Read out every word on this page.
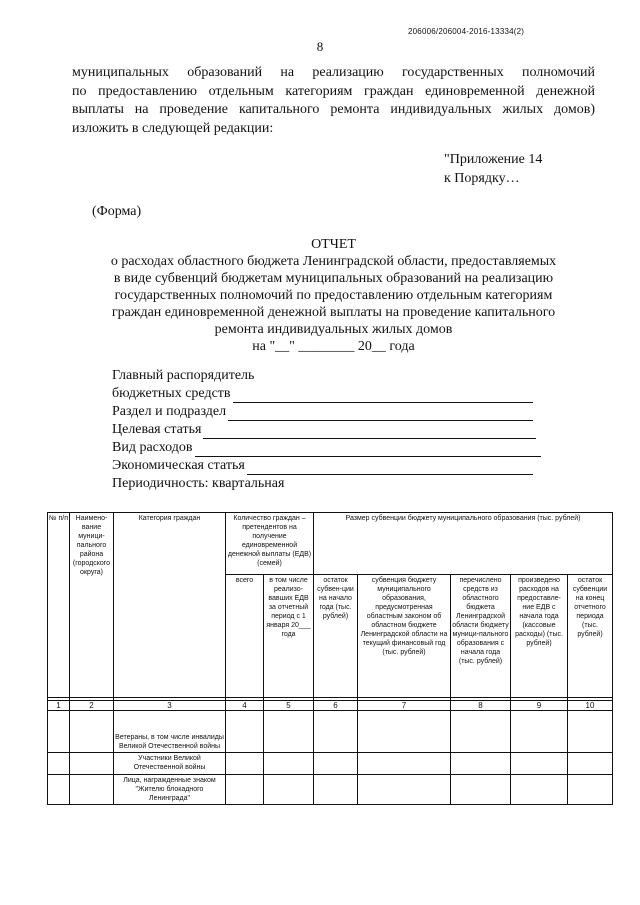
206006/206004-2016-13334(2)
8
муниципальных образований на реализацию государственных полномочий
по предоставлению отдельным категориям граждан единовременной денежной
выплаты на проведение капитального ремонта индивидуальных жилых домов)
изложить в следующей редакции:
"Приложение 14
к Порядку…
(Форма)
ОТЧЕТ
о расходах областного бюджета Ленинградской области, предоставляемых
в виде субвенций бюджетам муниципальных образований на реализацию
государственных полномочий по предоставлению отдельным категориям
граждан единовременной денежной выплаты на проведение капитального
ремонта индивидуальных жилых домов
на "__" ________ 20__ года
Главный распорядитель
бюджетных средств
Раздел и подраздел
Целевая статья
Вид расходов
Экономическая статья
Периодичность: квартальная
№ п/п	Наимено-вание муници-пального района (городского округа)	Категория граждан	Количество граждан – претендентов на получение единовременной денежной выплаты (ЕДВ) (семей)		Размер субвенции бюджету муниципального образования (тыс. рублей)				
			всего	в том числе реализо-вавших ЕДВ за отчетный период с 1 января 20___ года	остаток субвен-ции на начало года (тыс. рублей)	субвенция бюджету муниципального образования, предусмотренная областным законом об областном бюджете Ленинградской области на текущий финансовый год (тыс. рублей)	перечислено средств из областного бюджета Ленинградской области бюджету муници-пального образования с начала года (тыс. рублей)	произведено расходов на предоставле-ние ЕДВ с начала года (кассовые расходы) (тыс. рублей)	остаток субвенции на конец отчетного периода (тыс. рублей)

1	2	3	4	5	6	7	8	9	10
		Ветераны, в том числе инвалиды Великой Отечественной войны							
		Участники Великой Отечественной войны							
		Лица, награжденные знаком "Жителю блокадного Ленинграда"							
